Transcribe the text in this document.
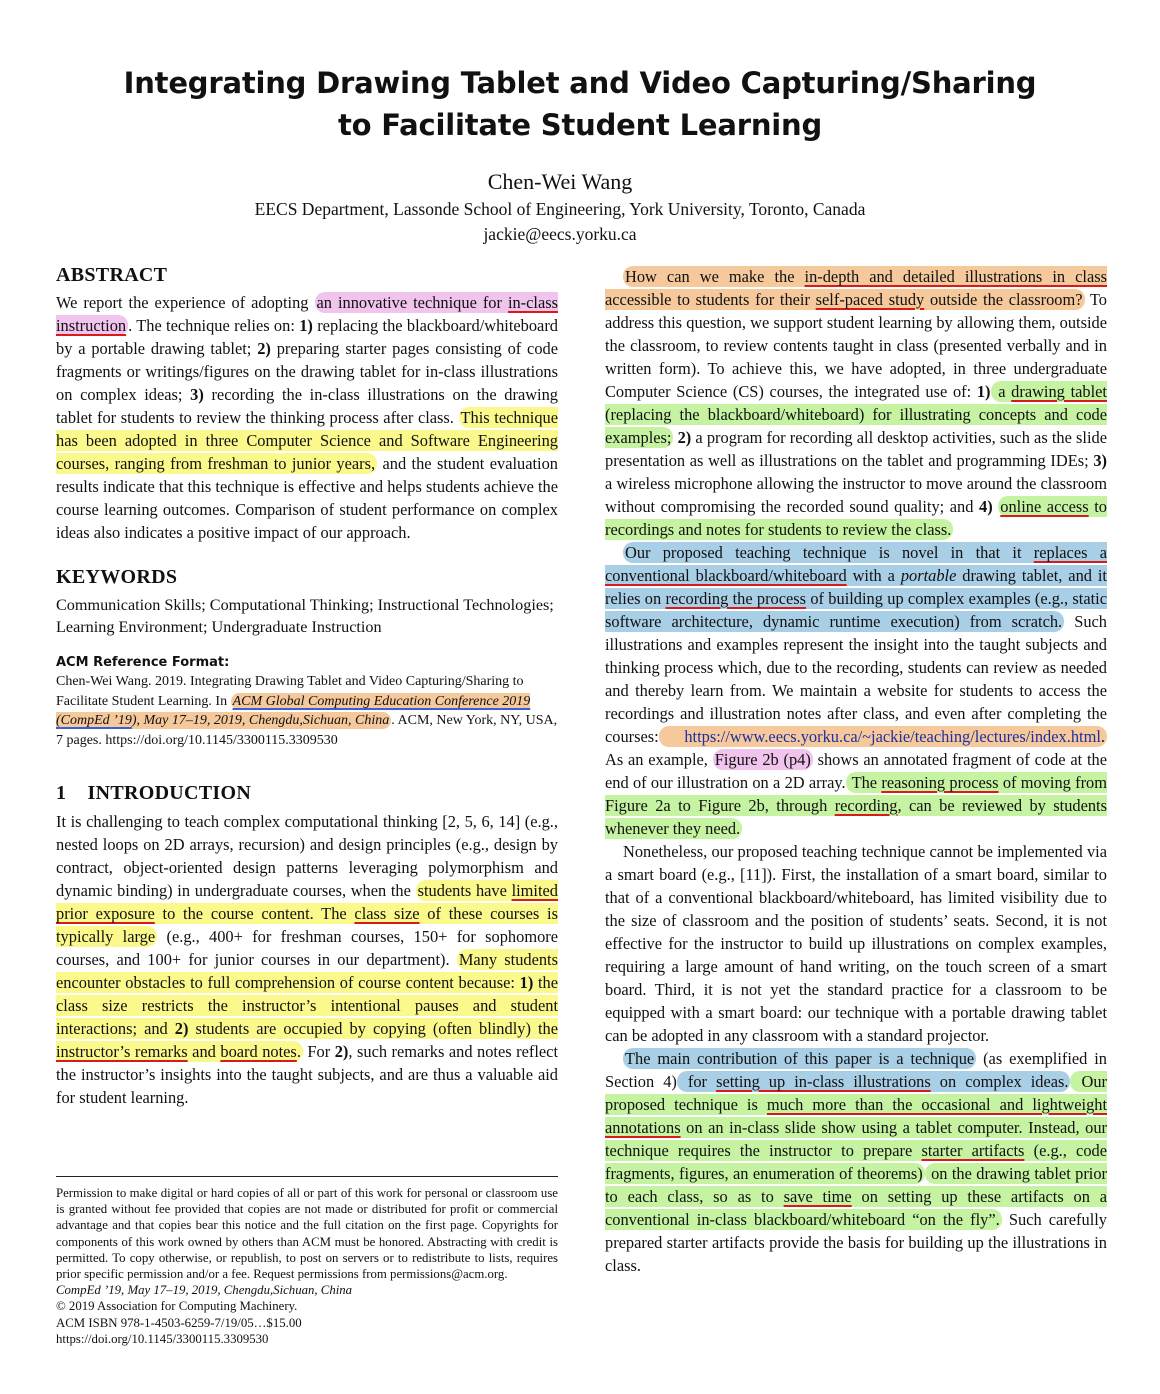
Integrating Drawing Tablet and Video Capturing/Sharing
to Facilitate Student Learning
Chen-Wei Wang
EECS Department, Lassonde School of Engineering, York University, Toronto, Canada
jackie@eecs.yorku.ca
ABSTRACT

We report the experience of adopting an innovative technique for in-class instruction . The technique relies on: 1) replacing the blackboard/whiteboard by a portable drawing tablet; 2) preparing starter pages consisting of code fragments or writings/figures on the drawing tablet for in-class illustrations on complex ideas; 3) recording the in-class illustrations on the drawing tablet for students to review the thinking process after class. This technique has been adopted in three Computer Science and Software Engineering courses, ranging from freshman to junior years, and the student evaluation results indicate that this technique is effective and helps students achieve the course learning outcomes. Comparison of student performance on complex ideas also indicates a positive impact of our approach.

KEYWORDS

Communication Skills; Computational Thinking; Instructional Technologies; Learning Environment; Undergraduate Instruction

ACM Reference Format:

Chen-Wei Wang. 2019. Integrating Drawing Tablet and Video Capturing/Sharing to Facilitate Student Learning. In ACM Global Computing Education Conference 2019 (CompEd ’19), May 17–19, 2019, Chengdu,Sichuan, China . ACM, New York, NY, USA, 7 pages. https://doi.org/10.1145/3300115.3309530

1    INTRODUCTION

It is challenging to teach complex computational thinking [2, 5, 6, 14] (e.g., nested loops on 2D arrays, recursion) and design principles (e.g., design by contract, object-oriented design patterns leveraging polymorphism and dynamic binding) in undergraduate courses, when the students have limited prior exposure to the course content. The class size of these courses is typically large (e.g., 400+ for freshman courses, 150+ for sophomore courses, and 100+ for junior courses in our department). Many students encounter obstacles to full comprehension of course content because: 1) the class size restricts the instructor’s intentional pauses and student interactions; and 2) students are occupied by copying (often blindly) the instructor’s remarks and board notes. For 2), such remarks and notes reflect the instructor’s insights into the taught subjects, and are thus a valuable aid for student learning.

Permission to make digital or hard copies of all or part of this work for personal or classroom use is granted without fee provided that copies are not made or distributed for profit or commercial advantage and that copies bear this notice and the full citation on the first page. Copyrights for components of this work owned by others than ACM must be honored. Abstracting with credit is permitted. To copy otherwise, or republish, to post on servers or to redistribute to lists, requires prior specific permission and/or a fee. Request permissions from permissions@acm.org.

CompEd ’19, May 17–19, 2019, Chengdu,Sichuan, China

© 2019 Association for Computing Machinery.

ACM ISBN 978-1-4503-6259-7/19/05…$15.00

https://doi.org/10.1145/3300115.3309530

How can we make the in-depth and detailed illustrations in class accessible to students for their self-paced study outside the classroom? To address this question, we support student learning by allowing them, outside the classroom, to review contents taught in class (presented verbally and in written form). To achieve this, we have adopted, in three undergraduate Computer Science (CS) courses, the integrated use of: 1) a drawing tablet (replacing the blackboard/whiteboard) for illustrating concepts and code examples; 2) a program for recording all desktop activities, such as the slide presentation as well as illustrations on the tablet and programming IDEs; 3) a wireless microphone allowing the instructor to move around the classroom without compromising the recorded sound quality; and 4) online access to recordings and notes for students to review the class.

Our proposed teaching technique is novel in that it replaces a conventional blackboard/whiteboard with a portable drawing tablet, and it relies on recording the process of building up complex examples (e.g., static software architecture, dynamic runtime execution) from scratch. Such illustrations and examples represent the insight into the taught subjects and thinking process which, due to the recording, students can review as needed and thereby learn from. We maintain a website for students to access the recordings and illustration notes after class, and even after completing the courses: https://www.eecs.yorku.ca/~jackie/teaching/lectures/index.html. As an example, Figure 2b (p4) shows an annotated fragment of code at the end of our illustration on a 2D array. The reasoning process of moving from Figure 2a to Figure 2b, through recording, can be reviewed by students whenever they need.

Nonetheless, our proposed teaching technique cannot be implemented via a smart board (e.g., [11]). First, the installation of a smart board, similar to that of a conventional blackboard/whiteboard, has limited visibility due to the size of classroom and the position of students’ seats. Second, it is not effective for the instructor to build up illustrations on complex examples, requiring a large amount of hand writing, on the touch screen of a smart board. Third, it is not yet the standard practice for a classroom to be equipped with a smart board: our technique with a portable drawing tablet can be adopted in any classroom with a standard projector.

The main contribution of this paper is a technique (as exemplified in Section 4) for setting up in-class illustrations on complex ideas. Our proposed technique is much more than the occasional and lightweight annotations on an in-class slide show using a tablet computer. Instead, our technique requires the instructor to prepare starter artifacts (e.g., code fragments, figures, an enumeration of theorems) on the drawing tablet prior to each class, so as to save time on setting up these artifacts on a conventional in-class blackboard/whiteboard “on the fly”. Such carefully prepared starter artifacts provide the basis for building up the illustrations in class.
